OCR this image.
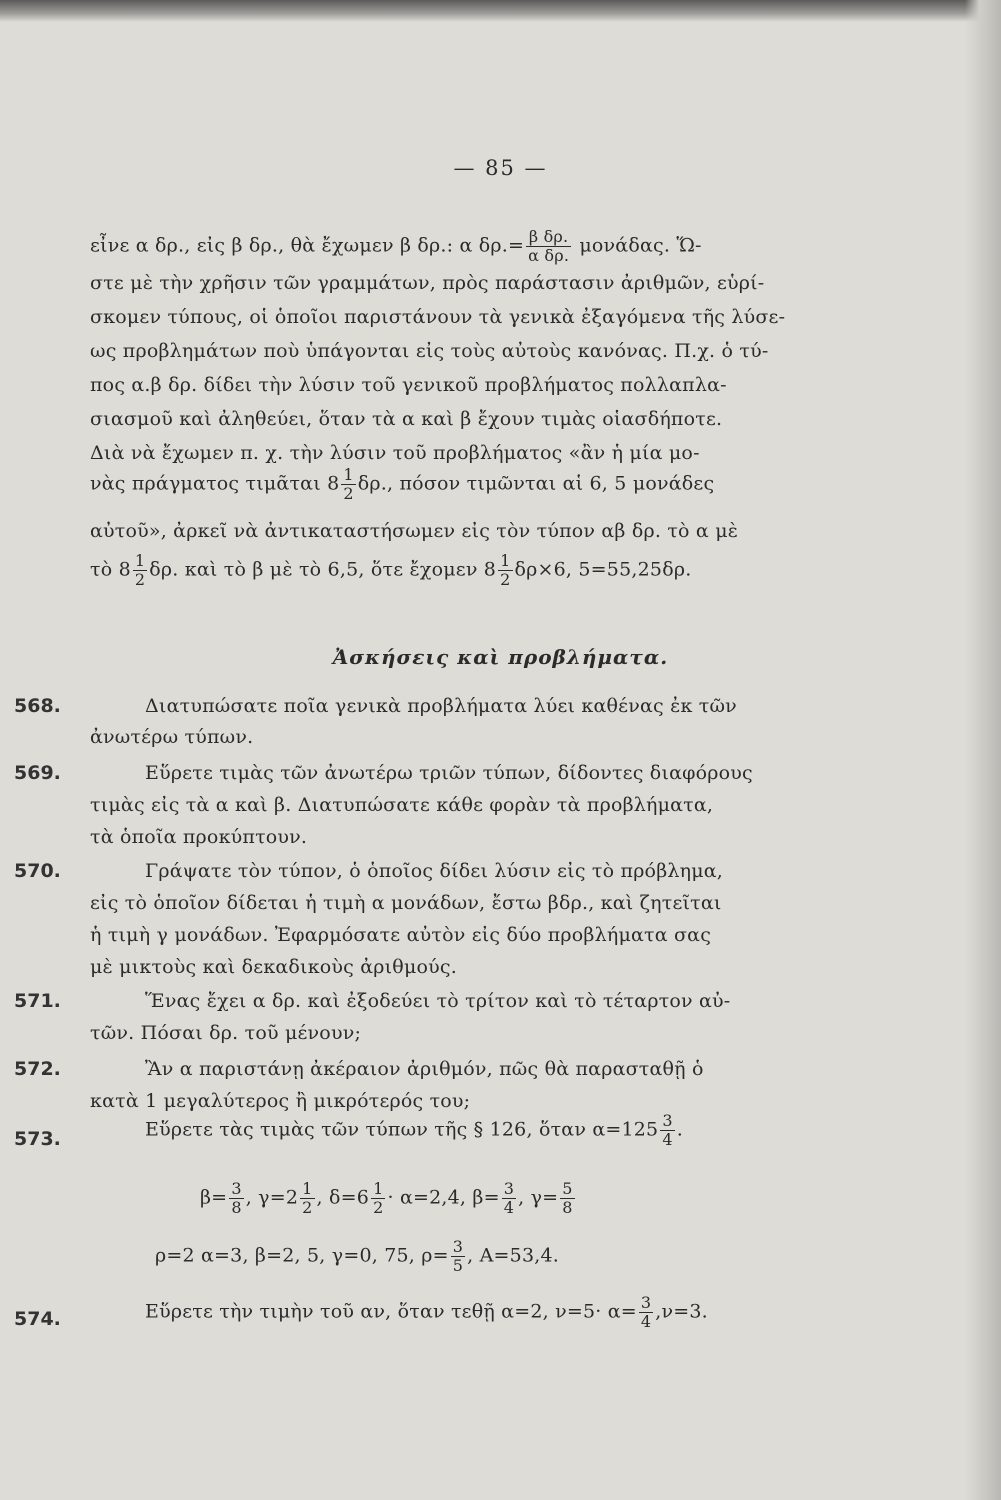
— 85 —
εἶνε α δρ., εἰς β δρ., θὰ ἔχωμεν β δρ.: α $\delta\rho.= \frac{\text{β δρ.}}{\text{α δρ.}} \mu o\nu ά\delta\alpha\varsigma$. Ὥ-
στε μὲ τὴν χρῆσιν τῶν γραμμάτων, πρὸς παράστασιν ἀριθμῶν, εὑρί-
σκομεν τύπους, οἱ ὁποῖοι παριστάνουν τὰ γενικὰ ἐξαγόμενα τῆς λύσε-
ως προβλημάτων ποὺ ὑπάγονται εἰς τοὺς αὐτοὺς κανόνας. Π.χ. ὁ τύ-
πος α.β δρ. δίδει τὴν λύσιν τοῦ γενικοῦ προβλήματος πολλαπλα-
σιασμοῦ καὶ ἀληθεύει, ὅταν τὰ α καὶ β ἔχουν τιμὰς οἱασδήποτε.
Διὰ νὰ ἔχωμεν π. χ. τὴν λύσιν τοῦ προβλήματος «ἂν ἡ μία μο-
νὰς πράγματος τιμᾶται $8 \frac{1}{2} \delta\rho$., πόσον τιμῶνται αἱ 6, 5 μονάδες
αὐτοῦ», ἀρκεῖ νὰ ἀντικαταστήσωμεν εἰς τὸν τύπον αβ δρ. τὸ α μὲ
τὸ $8 \frac{1}{2} \delta\rho$. καὶ τὸ β μὲ τὸ 6,5, ὅτε ἔχομεν $8 \frac{1}{2} \delta\rho\times 6$, 5=55,25δρ.
Ἀσκήσεις καὶ προβλήματα.
568.	Διατυπώσατε ποῖα γενικὰ προβλήματα λύει καθένας ἐκ τῶν
ἀνωτέρω τύπων.
569.	Εὕρετε τιμὰς τῶν ἀνωτέρω τριῶν τύπων, δίδοντες διαφόρους
τιμὰς εἰς τὰ α καὶ β. Διατυπώσατε κάθε φορὰν τὰ προβλήματα,
τὰ ὁποῖα προκύπτουν.
570.	Γράψατε τὸν τύπον, ὁ ὁποῖος δίδει λύσιν εἰς τὸ πρόβλημα,
εἰς τὸ ὁποῖον δίδεται ἡ τιμὴ α μονάδων, ἔστω βδρ., καὶ ζητεῖται
ἡ τιμὴ γ μονάδων. Ἐφαρμόσατε αὐτὸν εἰς δύο προβλήματα σας
μὲ μικτοὺς καὶ δεκαδικοὺς ἀριθμούς.
571.	Ἕνας ἔχει α δρ. καὶ ἐξοδεύει τὸ τρίτον καὶ τὸ τέταρτον αὐ-
τῶν. Πόσαι δρ. τοῦ μένουν;
572.	Ἂν α παριστάνῃ ἀκέραιον ἀριθμόν, πῶς θὰ παρασταθῇ ὁ
κατὰ 1 μεγαλύτερος ἢ μικρότερός του;
573.	Εὕρετε τὰς τιμὰς τῶν τύπων τῆς § 126, ὅταν $\alpha=125 \frac{3}{4}$ .
$\beta= \frac{3}{8}$ , $\gamma=2 \frac{1}{2}$ , $\delta=6 \frac{1}{2} \cdot \alpha=2,4$, $\beta= \frac{3}{4}$ , $\gamma= \frac{5}{8}$
ρ=2 α=3, β=2, 5, γ=0, 75, $\rho= \frac{3}{5}$ , A=53,4.
574.	Εὕρετε τὴν τιμὴν τοῦ αν, ὅταν τεθῇ α=2, $\nu=5\cdot \alpha= \frac{3}{4} ,\nu=3$.
